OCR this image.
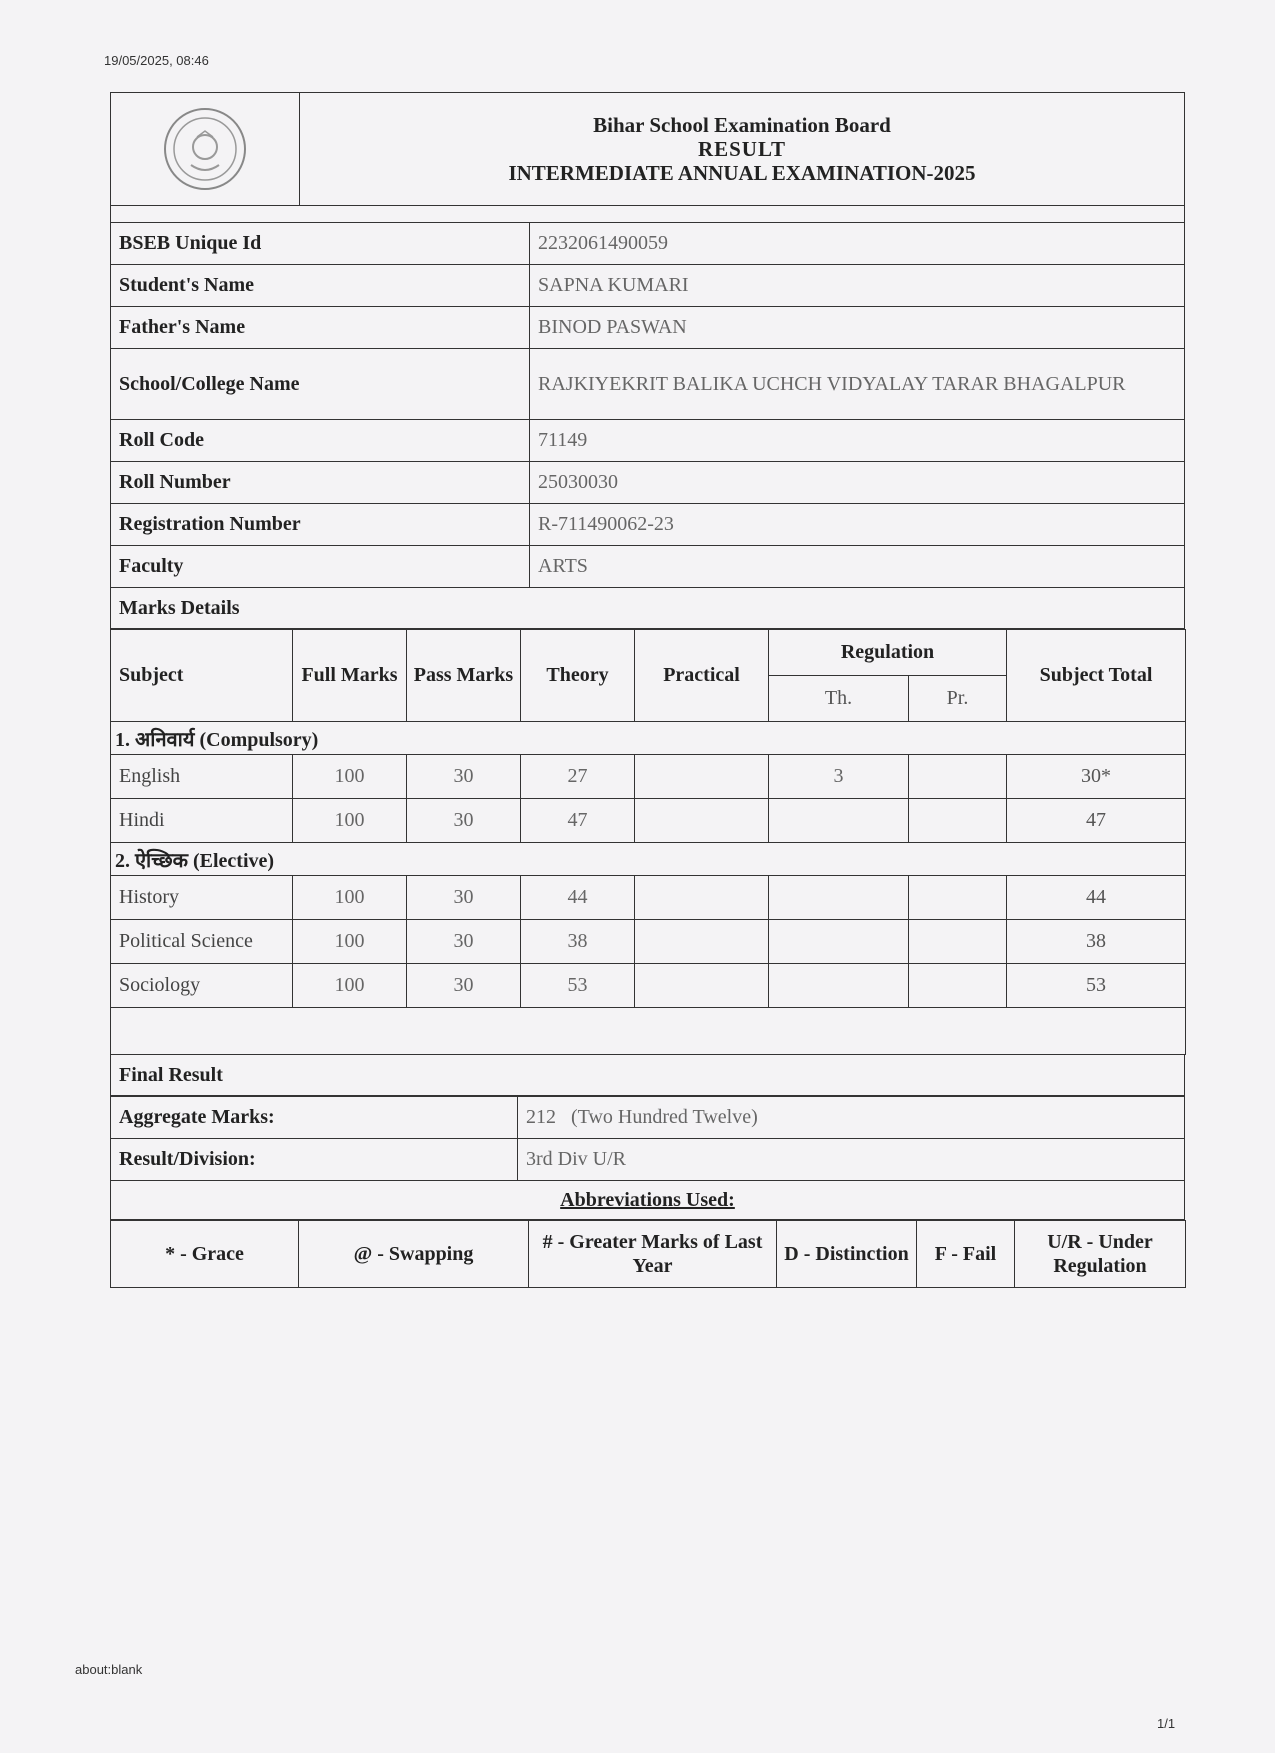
19/05/2025, 08:46
Bihar School Examination Board
RESULT
INTERMEDIATE ANNUAL EXAMINATION-2025
BSEB Unique Id	2232061490059
Student's Name	SAPNA KUMARI
Father's Name	BINOD PASWAN
School/College Name	RAJKIYEKRIT BALIKA UCHCH VIDYALAY TARAR BHAGALPUR
Roll Code	71149
Roll Number	25030030
Registration Number	R-711490062-23
Faculty	ARTS
Marks Details
Subject	Full Marks	Pass Marks	Theory	Practical	Regulation		Subject Total
					Th.	Pr.	
1. अनिवार्य (Compulsory)							
English	100	30	27		3		30*
Hindi	100	30	47				47
2. ऐच्छिक (Elective)							
History	100	30	44				44
Political Science	100	30	38				38
Sociology	100	30	53				53

Final Result
Aggregate Marks:	212   (Two Hundred Twelve)
Result/Division:	3rd Div U/R
Abbreviations Used:
* - Grace	@ - Swapping	# - Greater Marks of Last Year	D - Distinction	F - Fail	U/R - Under Regulation
about:blank
1/1
